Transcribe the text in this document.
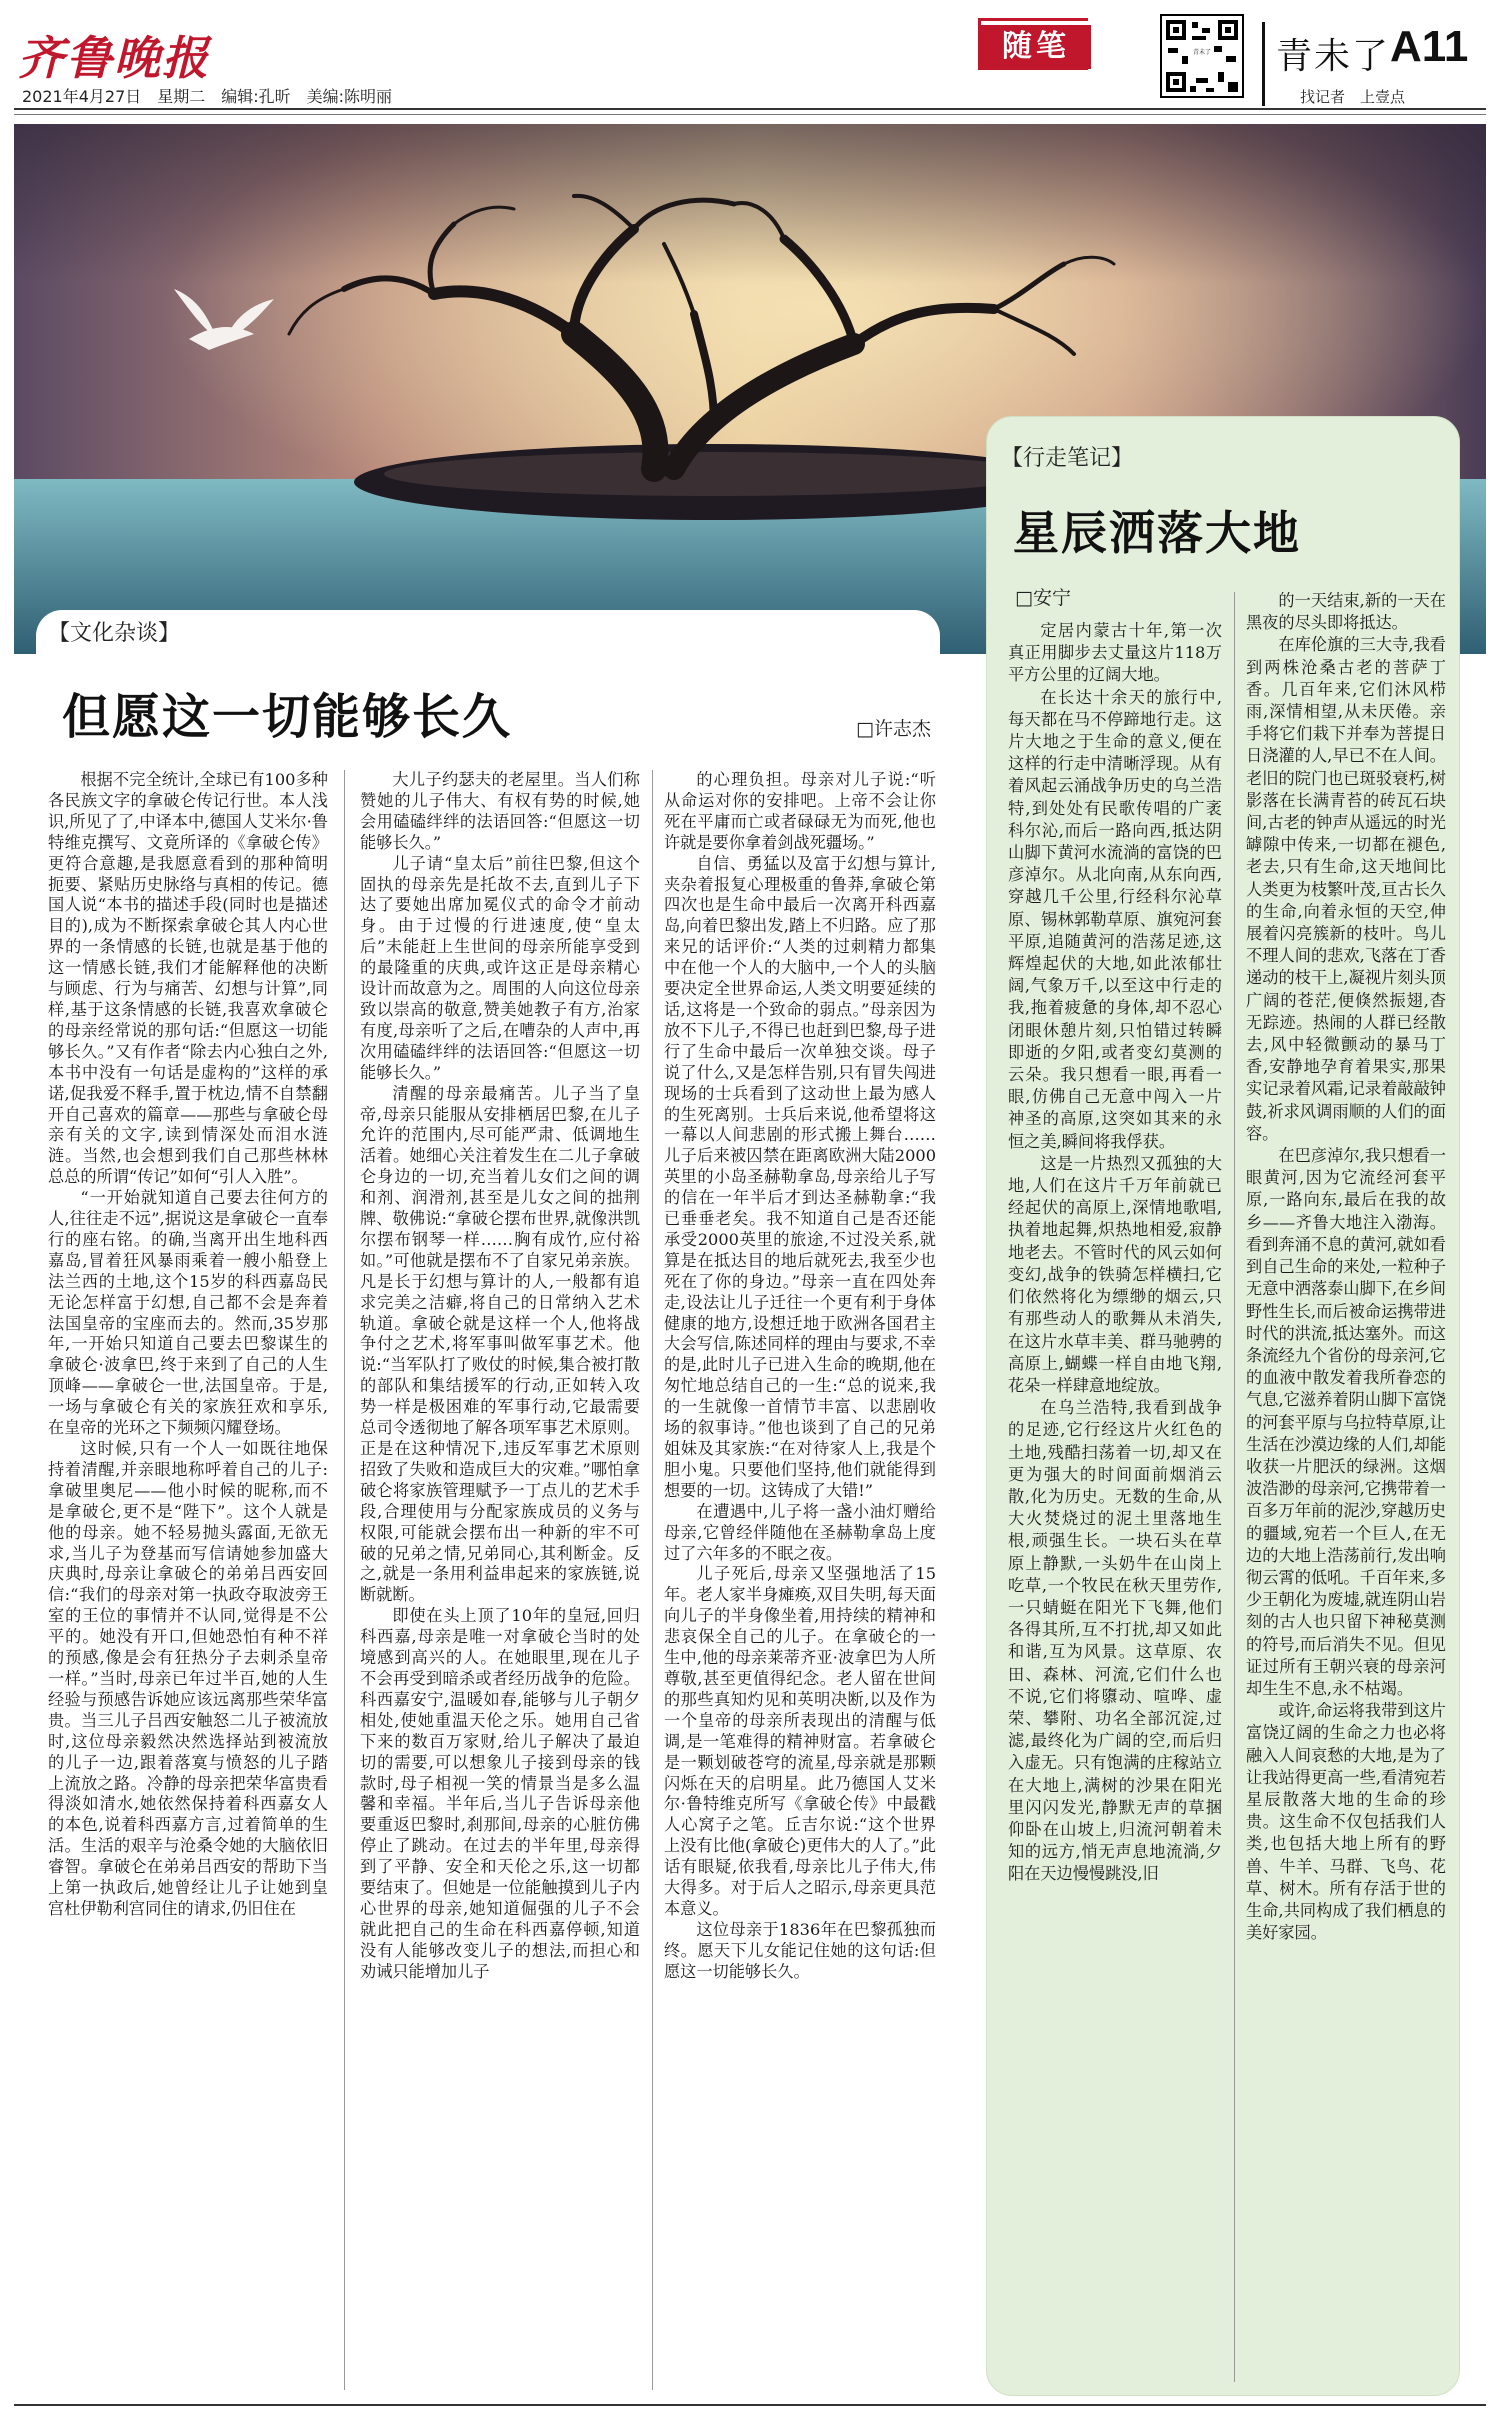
齐鲁晚报
2021年4月27日　星期二　编辑:孔昕　美编:陈明丽
随笔	青未了 青未了 A11
找记者　上壹点
【文化杂谈】
但愿这一切能够长久	□许志杰

根据不完全统计,全球已有100多种各民族文字的拿破仑传记行世。本人浅识,所见了了,中译本中,德国人艾米尔·鲁特维克撰写、文竟所译的《拿破仑传》更符合意趣,是我愿意看到的那种简明扼要、紧贴历史脉络与真相的传记。德国人说“本书的描述手段(同时也是描述目的),成为不断探索拿破仑其人内心世界的一条情感的长链,也就是基于他的这一情感长链,我们才能解释他的决断与顾虑、行为与痛苦、幻想与计算”,同样,基于这条情感的长链,我喜欢拿破仑的母亲经常说的那句话:“但愿这一切能够长久。”又有作者“除去内心独白之外,本书中没有一句话是虚构的”这样的承诺,促我爱不释手,置于枕边,情不自禁翻开自己喜欢的篇章——那些与拿破仑母亲有关的文字,读到情深处而泪水涟涟。当然,也会想到我们自己那些林林总总的所谓“传记”如何“引人入胜”。

“一开始就知道自己要去往何方的人,往往走不远”,据说这是拿破仑一直奉行的座右铭。的确,当离开出生地科西嘉岛,冒着狂风暴雨乘着一艘小船登上法兰西的土地,这个15岁的科西嘉岛民无论怎样富于幻想,自己都不会是奔着法国皇帝的宝座而去的。然而,35岁那年,一开始只知道自己要去巴黎谋生的拿破仑·波拿巴,终于来到了自己的人生顶峰——拿破仑一世,法国皇帝。于是,一场与拿破仑有关的家族狂欢和享乐,在皇帝的光环之下频频闪耀登场。

这时候,只有一个人一如既往地保持着清醒,并亲眼地称呼着自己的儿子:拿破里奥尼——他小时候的昵称,而不是拿破仑,更不是“陛下”。这个人就是他的母亲。她不轻易抛头露面,无欲无求,当儿子为登基而写信请她参加盛大庆典时,母亲让拿破仑的弟弟吕西安回信:“我们的母亲对第一执政夺取波旁王室的王位的事情并不认同,觉得是不公平的。她没有开口,但她恐怕有种不祥的预感,像是会有狂热分子去刺杀皇帝一样。”当时,母亲已年过半百,她的人生经验与预感告诉她应该远离那些荣华富贵。当三儿子吕西安触怒二儿子被流放时,这位母亲毅然决然选择站到被流放的儿子一边,跟着落寞与愤怒的儿子踏上流放之路。冷静的母亲把荣华富贵看得淡如清水,她依然保持着科西嘉女人的本色,说着科西嘉方言,过着简单的生活。生活的艰辛与沧桑令她的大脑依旧睿智。拿破仑在弟弟吕西安的帮助下当上第一执政后,她曾经让儿子让她到皇宫杜伊勒利宫同住的请求,仍旧住在

大儿子约瑟夫的老屋里。当人们称赞她的儿子伟大、有权有势的时候,她会用磕磕绊绊的法语回答:“但愿这一切能够长久。”

儿子请“皇太后”前往巴黎,但这个固执的母亲先是托故不去,直到儿子下达了要她出席加冕仪式的命令才前动身。由于过慢的行进速度,使“皇太后”未能赶上生世间的母亲所能享受到的最隆重的庆典,或许这正是母亲精心设计而故意为之。周围的人向这位母亲致以崇高的敬意,赞美她教子有方,治家有度,母亲听了之后,在嘈杂的人声中,再次用磕磕绊绊的法语回答:“但愿这一切能够长久。”

清醒的母亲最痛苦。儿子当了皇帝,母亲只能服从安排栖居巴黎,在儿子允许的范围内,尽可能严肃、低调地生活着。她细心关注着发生在二儿子拿破仑身边的一切,充当着儿女们之间的调和剂、润滑剂,甚至是儿女之间的拙荆牌、敬佛说:“拿破仑摆布世界,就像洪凯尔摆布钢琴一样……胸有成竹,应付裕如。”可他就是摆布不了自家兄弟亲族。凡是长于幻想与算计的人,一般都有追求完美之洁癖,将自己的日常纳入艺术轨道。拿破仑就是这样一个人,他将战争付之艺术,将军事叫做军事艺术。他说:“当军队打了败仗的时候,集合被打散的部队和集结援军的行动,正如转入攻势一样是极困难的军事行动,它最需要总司令透彻地了解各项军事艺术原则。正是在这种情况下,违反军事艺术原则招致了失败和造成巨大的灾难。”哪怕拿破仑将家族管理赋予一丁点儿的艺术手段,合理使用与分配家族成员的义务与权限,可能就会摆布出一种新的牢不可破的兄弟之情,兄弟同心,其利断金。反之,就是一条用利益串起来的家族链,说断就断。

即使在头上顶了10年的皇冠,回归科西嘉,母亲是唯一对拿破仑当时的处境感到高兴的人。在她眼里,现在儿子不会再受到暗杀或者经历战争的危险。科西嘉安宁,温暖如春,能够与儿子朝夕相处,使她重温天伦之乐。她用自己省下来的数百万家财,给儿子解决了最迫切的需要,可以想象儿子接到母亲的钱款时,母子相视一笑的情景当是多么温馨和幸福。半年后,当儿子告诉母亲他要重返巴黎时,刹那间,母亲的心脏仿佛停止了跳动。在过去的半年里,母亲得到了平静、安全和天伦之乐,这一切都要结束了。但她是一位能触摸到儿子内心世界的母亲,她知道倔强的儿子不会就此把自己的生命在科西嘉停顿,知道没有人能够改变儿子的想法,而担心和劝诫只能增加儿子

的心理负担。母亲对儿子说:“听从命运对你的安排吧。上帝不会让你死在平庸而亡或者碌碌无为而死,他也许就是要你拿着剑战死疆场。”

自信、勇猛以及富于幻想与算计,夹杂着报复心理极重的鲁莽,拿破仑第四次也是生命中最后一次离开科西嘉岛,向着巴黎出发,踏上不归路。应了那来兄的话评价:“人类的过刺精力都集中在他一个人的大脑中,一个人的头脑要决定全世界命运,人类文明要延续的话,这将是一个致命的弱点。”母亲因为放不下儿子,不得已也赶到巴黎,母子进行了生命中最后一次单独交谈。母子说了什么,又是怎样告别,只有冒失闯进现场的士兵看到了这动世上最为感人的生死离别。士兵后来说,他希望将这一幕以人间悲剧的形式搬上舞台……儿子后来被囚禁在距离欧洲大陆2000英里的小岛圣赫勒拿岛,母亲给儿子写的信在一年半后才到达圣赫勒拿:“我已垂垂老矣。我不知道自己是否还能承受2000英里的旅途,不过没关系,就算是在抵达目的地后就死去,我至少也死在了你的身边。”母亲一直在四处奔走,设法让儿子迁往一个更有利于身体健康的地方,设想迁地于欧洲各国君主大会写信,陈述同样的理由与要求,不幸的是,此时儿子已进入生命的晚期,他在匆忙地总结自己的一生:“总的说来,我的一生就像一首情节丰富、以悲剧收场的叙事诗。”他也谈到了自己的兄弟姐妹及其家族:“在对待家人上,我是个胆小鬼。只要他们坚持,他们就能得到想要的一切。这铸成了大错!”

在遭遇中,儿子将一盏小油灯赠给母亲,它曾经伴随他在圣赫勒拿岛上度过了六年多的不眠之夜。

儿子死后,母亲又坚强地活了15年。老人家半身瘫痪,双目失明,每天面向儿子的半身像坐着,用持续的精神和悲哀保全自己的儿子。在拿破仑的一生中,他的母亲莱蒂齐亚·波拿巴为人所尊敬,甚至更值得纪念。老人留在世间的那些真知灼见和英明决断,以及作为一个皇帝的母亲所表现出的清醒与低调,是一笔难得的精神财富。若拿破仑是一颗划破苍穹的流星,母亲就是那颗闪烁在天的启明星。此乃德国人艾米尔·鲁特维克所写《拿破仑传》中最戳人心窝子之笔。丘吉尔说:“这个世界上没有比他(拿破仑)更伟大的人了。”此话有眼疑,依我看,母亲比儿子伟大,伟大得多。对于后人之昭示,母亲更具范本意义。

这位母亲于1836年在巴黎孤独而终。愿天下儿女能记住她的这句话:但愿这一切能够长久。

【行走笔记】
星辰洒落大地
□安宁

定居内蒙古十年,第一次真正用脚步去丈量这片118万平方公里的辽阔大地。

在长达十余天的旅行中,每天都在马不停蹄地行走。这片大地之于生命的意义,便在这样的行走中清晰浮现。从有着风起云涌战争历史的乌兰浩特,到处处有民歌传唱的广袤科尔沁,而后一路向西,抵达阴山脚下黄河水流淌的富饶的巴彦淖尔。从北向南,从东向西,穿越几千公里,行经科尔沁草原、锡林郭勒草原、旗宛河套平原,追随黄河的浩荡足迹,这辉煌起伏的大地,如此浓郁壮阔,气象万千,以至这中行走的我,拖着疲惫的身体,却不忍心闭眼休憩片刻,只怕错过转瞬即逝的夕阳,或者变幻莫测的云朵。我只想看一眼,再看一眼,仿佛自己无意中闯入一片神圣的高原,这突如其来的永恒之美,瞬间将我俘获。

这是一片热烈又孤独的大地,人们在这片千万年前就已经起伏的高原上,深情地歌唱,执着地起舞,炽热地相爱,寂静地老去。不管时代的风云如何变幻,战争的铁骑怎样横扫,它们依然将化为缥缈的烟云,只有那些动人的歌舞从未消失,在这片水草丰美、群马驰骋的高原上,蝴蝶一样自由地飞翔,花朵一样肆意地绽放。

在乌兰浩特,我看到战争的足迹,它行经这片火红色的土地,残酷扫荡着一切,却又在更为强大的时间面前烟消云散,化为历史。无数的生命,从大火焚烧过的泥土里落地生根,顽强生长。一块石头在草原上静默,一头奶牛在山岗上吃草,一个牧民在秋天里劳作,一只蜻蜓在阳光下飞舞,他们各得其所,互不打扰,却又如此和谐,互为风景。这草原、农田、森林、河流,它们什么也不说,它们将隳动、喧哗、虚荣、攀附、功名全部沉淀,过滤,最终化为广阔的空,而后归入虚无。只有饱满的庄稼站立在大地上,满树的沙果在阳光里闪闪发光,静默无声的草捆仰卧在山坡上,归流河朝着未知的远方,悄无声息地流淌,夕阳在天边慢慢跳没,旧

的一天结束,新的一天在黑夜的尽头即将抵达。

在库伦旗的三大寺,我看到两株沧桑古老的菩萨丁香。几百年来,它们沐风栉雨,深情相望,从未厌倦。亲手将它们栽下并奉为菩提日日浇灌的人,早已不在人间。老旧的院门也已斑驳衰朽,树影落在长满青苔的砖瓦石块间,古老的钟声从遥远的时光罅隙中传来,一切都在褪色,老去,只有生命,这天地间比人类更为枝繁叶茂,亘古长久的生命,向着永恒的天空,伸展着闪亮簇新的枝叶。鸟儿不理人间的悲欢,飞落在丁香递动的枝干上,凝视片刻头顶广阔的苍茫,便倏然振翅,杳无踪迹。热闹的人群已经散去,风中轻微颤动的暴马丁香,安静地孕育着果实,那果实记录着风霜,记录着敲敲钟鼓,祈求风调雨顺的人们的面容。

在巴彦淖尔,我只想看一眼黄河,因为它流经河套平原,一路向东,最后在我的故乡——齐鲁大地注入渤海。看到奔涌不息的黄河,就如看到自己生命的来处,一粒种子无意中洒落泰山脚下,在乡间野性生长,而后被命运携带进时代的洪流,抵达塞外。而这条流经九个省份的母亲河,它的血液中散发着我所眷恋的气息,它滋养着阴山脚下富饶的河套平原与乌拉特草原,让生活在沙漠边缘的人们,却能收获一片肥沃的绿洲。这烟波浩渺的母亲河,它携带着一百多万年前的泥沙,穿越历史的疆域,宛若一个巨人,在无边的大地上浩荡前行,发出响彻云霄的低吼。千百年来,多少王朝化为废墟,就连阴山岩刻的古人也只留下神秘莫测的符号,而后消失不见。但见证过所有王朝兴衰的母亲河却生生不息,永不枯竭。

或许,命运将我带到这片富饶辽阔的生命之力也必将融入人间哀愁的大地,是为了让我站得更高一些,看清宛若星辰散落大地的生命的珍贵。这生命不仅包括我们人类,也包括大地上所有的野兽、牛羊、马群、飞鸟、花草、树木。所有存活于世的生命,共同构成了我们栖息的美好家园。
